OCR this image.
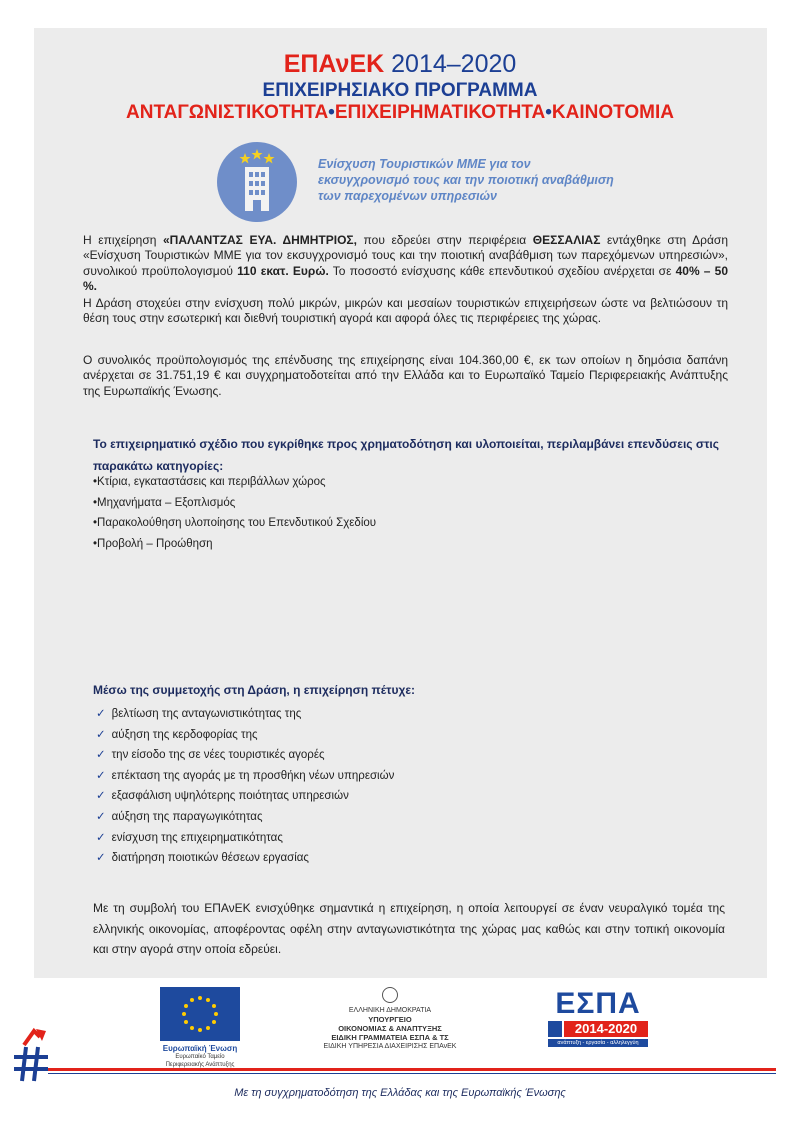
ΕΠΑνΕΚ 2014–2020
ΕΠΙΧΕΙΡΗΣΙΑΚΟ ΠΡΟΓΡΑΜΜΑ
ΑΝΤΑΓΩΝΙΣΤΙΚΟΤΗΤΑ•ΕΠΙΧΕΙΡΗΜΑΤΙΚΟΤΗΤΑ•ΚΑΙΝΟΤΟΜΙΑ
Ενίσχυση Τουριστικών ΜΜΕ για τον εκσυγχρονισμό τους και την ποιοτική αναβάθμιση των παρεχομένων υπηρεσιών
Η επιχείρηση «ΠΑΛΑΝΤΖΑΣ ΕΥΑ. ΔΗΜΗΤΡΙΟΣ, που εδρεύει στην περιφέρεια ΘΕΣΣΑΛΙΑΣ εντάχθηκε στη Δράση «Ενίσχυση Τουριστικών ΜΜΕ για τον εκσυγχρονισμό τους και την ποιοτική αναβάθμιση των παρεχόμενων υπηρεσιών», συνολικού προϋπολογισμού 110 εκατ. Ευρώ. Το ποσοστό ενίσχυσης κάθε επενδυτικού σχεδίου ανέρχεται σε 40% – 50 %.
Η Δράση στοχεύει στην ενίσχυση πολύ μικρών, μικρών και μεσαίων τουριστικών επιχειρήσεων ώστε να βελτιώσουν τη θέση τους στην εσωτερική και διεθνή τουριστική αγορά και αφορά όλες τις περιφέρειες της χώρας.
Ο συνολικός προϋπολογισμός της επένδυσης της επιχείρησης είναι 104.360,00 €, εκ των οποίων η δημόσια δαπάνη ανέρχεται σε 31.751,19 € και συγχρηματοδοτείται από την Ελλάδα και το Ευρωπαϊκό Ταμείο Περιφερειακής Ανάπτυξης της Ευρωπαϊκής Ένωσης.
Το επιχειρηματικό σχέδιο που εγκρίθηκε προς χρηματοδότηση και υλοποιείται, περιλαμβάνει επενδύσεις στις παρακάτω κατηγορίες:
•Κτίρια, εγκαταστάσεις και περιβάλλων χώρος
•Μηχανήματα – Εξοπλισμός
•Παρακολούθηση υλοποίησης του Επενδυτικού Σχεδίου
•Προβολή – Προώθηση
Μέσω της συμμετοχής στη Δράση, η επιχείρηση πέτυχε:
✓ βελτίωση της ανταγωνιστικότητας της
✓ αύξηση της κερδοφορίας της
✓ την είσοδο της σε νέες τουριστικές αγορές
✓ επέκταση της αγοράς με τη προσθήκη νέων υπηρεσιών
✓ εξασφάλιση υψηλότερης ποιότητας υπηρεσιών
✓ αύξηση της παραγωγικότητας
✓ ενίσχυση της επιχειρηματικότητας
✓ διατήρηση ποιοτικών θέσεων εργασίας
Με τη συμβολή του ΕΠΑνΕΚ ενισχύθηκε σημαντικά η επιχείρηση, η οποία λειτουργεί σε έναν νευραλγικό τομέα της ελληνικής οικονομίας, αποφέροντας οφέλη στην ανταγωνιστικότητα της χώρας μας καθώς και στην τοπική οικονομία και στην αγορά στην οποία εδρεύει.
Ευρωπαϊκή Ένωση
Ευρωπαϊκό Ταμείο
Περιφερειακής Ανάπτυξης
ΕΛΛΗΝΙΚΗ ΔΗΜΟΚΡΑΤΙΑ
ΥΠΟΥΡΓΕΙΟ
ΟΙΚΟΝΟΜΙΑΣ & ΑΝΑΠΤΥΞΗΣ
ΕΙΔΙΚΗ ΓΡΑΜΜΑΤΕΙΑ ΕΣΠΑ & ΤΣ
ΕΙΔΙΚΗ ΥΠΗΡΕΣΙΑ ΔΙΑΧΕΙΡΙΣΗΣ ΕΠΑνΕΚ
ΕΣΠΑ
2014-2020
ανάπτυξη - εργασία - αλληλεγγύη
Με τη συγχρηματοδότηση της Ελλάδας και της Ευρωπαϊκής Ένωσης
